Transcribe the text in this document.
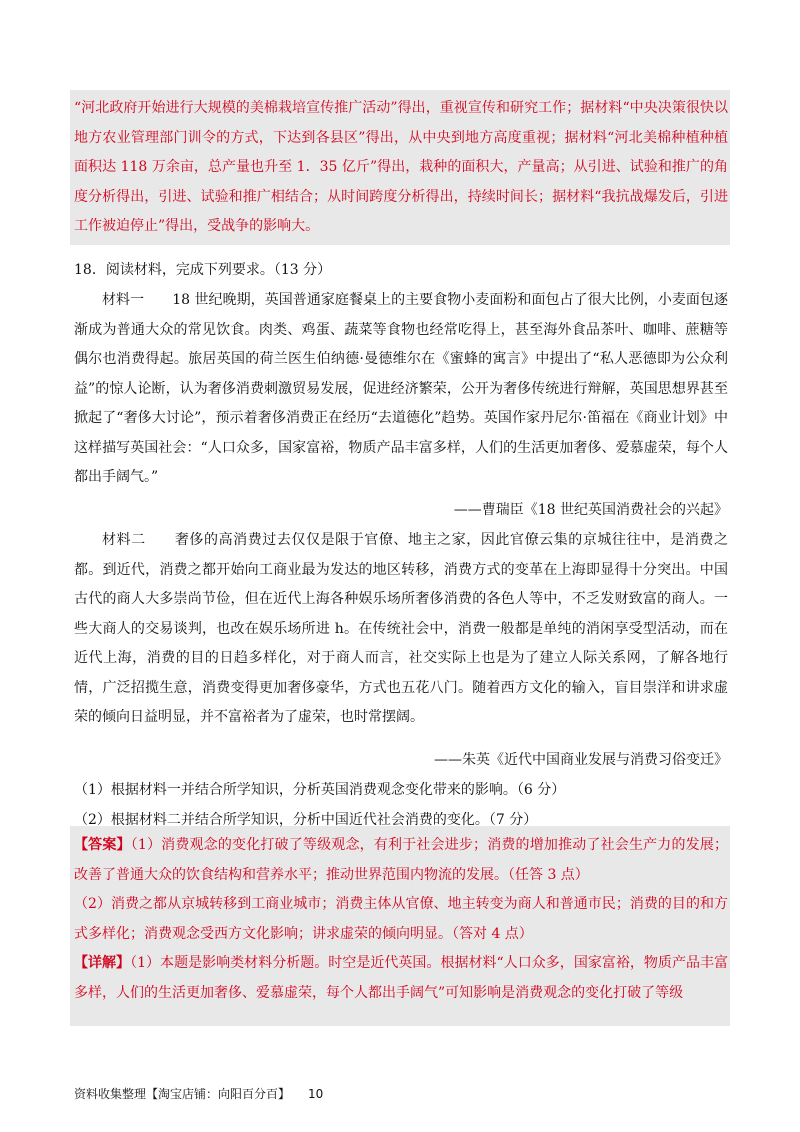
“河北政府开始进行大规模的美棉栽培宣传推广活动”得出，重视宣传和研究工作；据材料“中央决策很快以地方农业管理部门训令的方式，下达到各县区”得出，从中央到地方高度重视；据材料“河北美棉种植种植面积达 118 万余亩，总产量也升至 1．35 亿斤”得出，栽种的面积大，产量高；从引进、试验和推广的角度分析得出，引进、试验和推广相结合；从时间跨度分析得出，持续时间长；据材料“我抗战爆发后，引进工作被迫停止”得出，受战争的影响大。

18．阅读材料，完成下列要求。（13 分）

材料一　　18 世纪晚期，英国普通家庭餐桌上的主要食物小麦面粉和面包占了很大比例，小麦面包逐渐成为普通大众的常见饮食。肉类、鸡蛋、蔬菜等食物也经常吃得上，甚至海外食品茶叶、咖啡、蔗糖等偶尔也消费得起。旅居英国的荷兰医生伯纳德·曼德维尔在《蜜蜂的寓言》中提出了“私人恶德即为公众利益”的惊人论断，认为奢侈消费刺激贸易发展，促进经济繁荣，公开为奢侈传统进行辩解，英国思想界甚至掀起了“奢侈大讨论”，预示着奢侈消费正在经历“去道德化”趋势。英国作家丹尼尔·笛福在《商业计划》中这样描写英国社会：“人口众多，国家富裕，物质产品丰富多样，人们的生活更加奢侈、爱慕虚荣，每个人都出手阔气。”

——曹瑞臣《18 世纪英国消费社会的兴起》

材料二　　奢侈的高消费过去仅仅是限于官僚、地主之家，因此官僚云集的京城往往中，是消费之都。到近代，消费之都开始向工商业最为发达的地区转移，消费方式的变革在上海即显得十分突出。中国古代的商人大多崇尚节俭，但在近代上海各种娱乐场所奢侈消费的各色人等中，不乏发财致富的商人。一些大商人的交易谈判，也改在娱乐场所进 h。在传统社会中，消费一般都是单纯的消闲享受型活动，而在近代上海，消费的目的日趋多样化，对于商人而言，社交实际上也是为了建立人际关系网，了解各地行情，广泛招揽生意，消费变得更加奢侈豪华，方式也五花八门。随着西方文化的输入，盲目崇洋和讲求虚荣的倾向日益明显，并不富裕者为了虚荣，也时常摆阔。

——朱英《近代中国商业发展与消费习俗变迁》

（1）根据材料一并结合所学知识，分析英国消费观念变化带来的影响。（6 分）

（2）根据材料二并结合所学知识，分析中国近代社会消费的变化。（7 分）

【答案】（1）消费观念的变化打破了等级观念，有利于社会进步；消费的增加推动了社会生产力的发展；改善了普通大众的饮食结构和营养水平；推动世界范围内物流的发展。（任答 3 点）

（2）消费之都从京城转移到工商业城市；消费主体从官僚、地主转变为商人和普通市民；消费的目的和方式多样化；消费观念受西方文化影响；讲求虚荣的倾向明显。（答对 4 点）

【详解】（1）本题是影响类材料分析题。时空是近代英国。根据材料“人口众多，国家富裕，物质产品丰富多样，人们的生活更加奢侈、爱慕虚荣，每个人都出手阔气”可知影响是消费观念的变化打破了等级

资料收集整理【淘宝店铺：向阳百分百】 10
